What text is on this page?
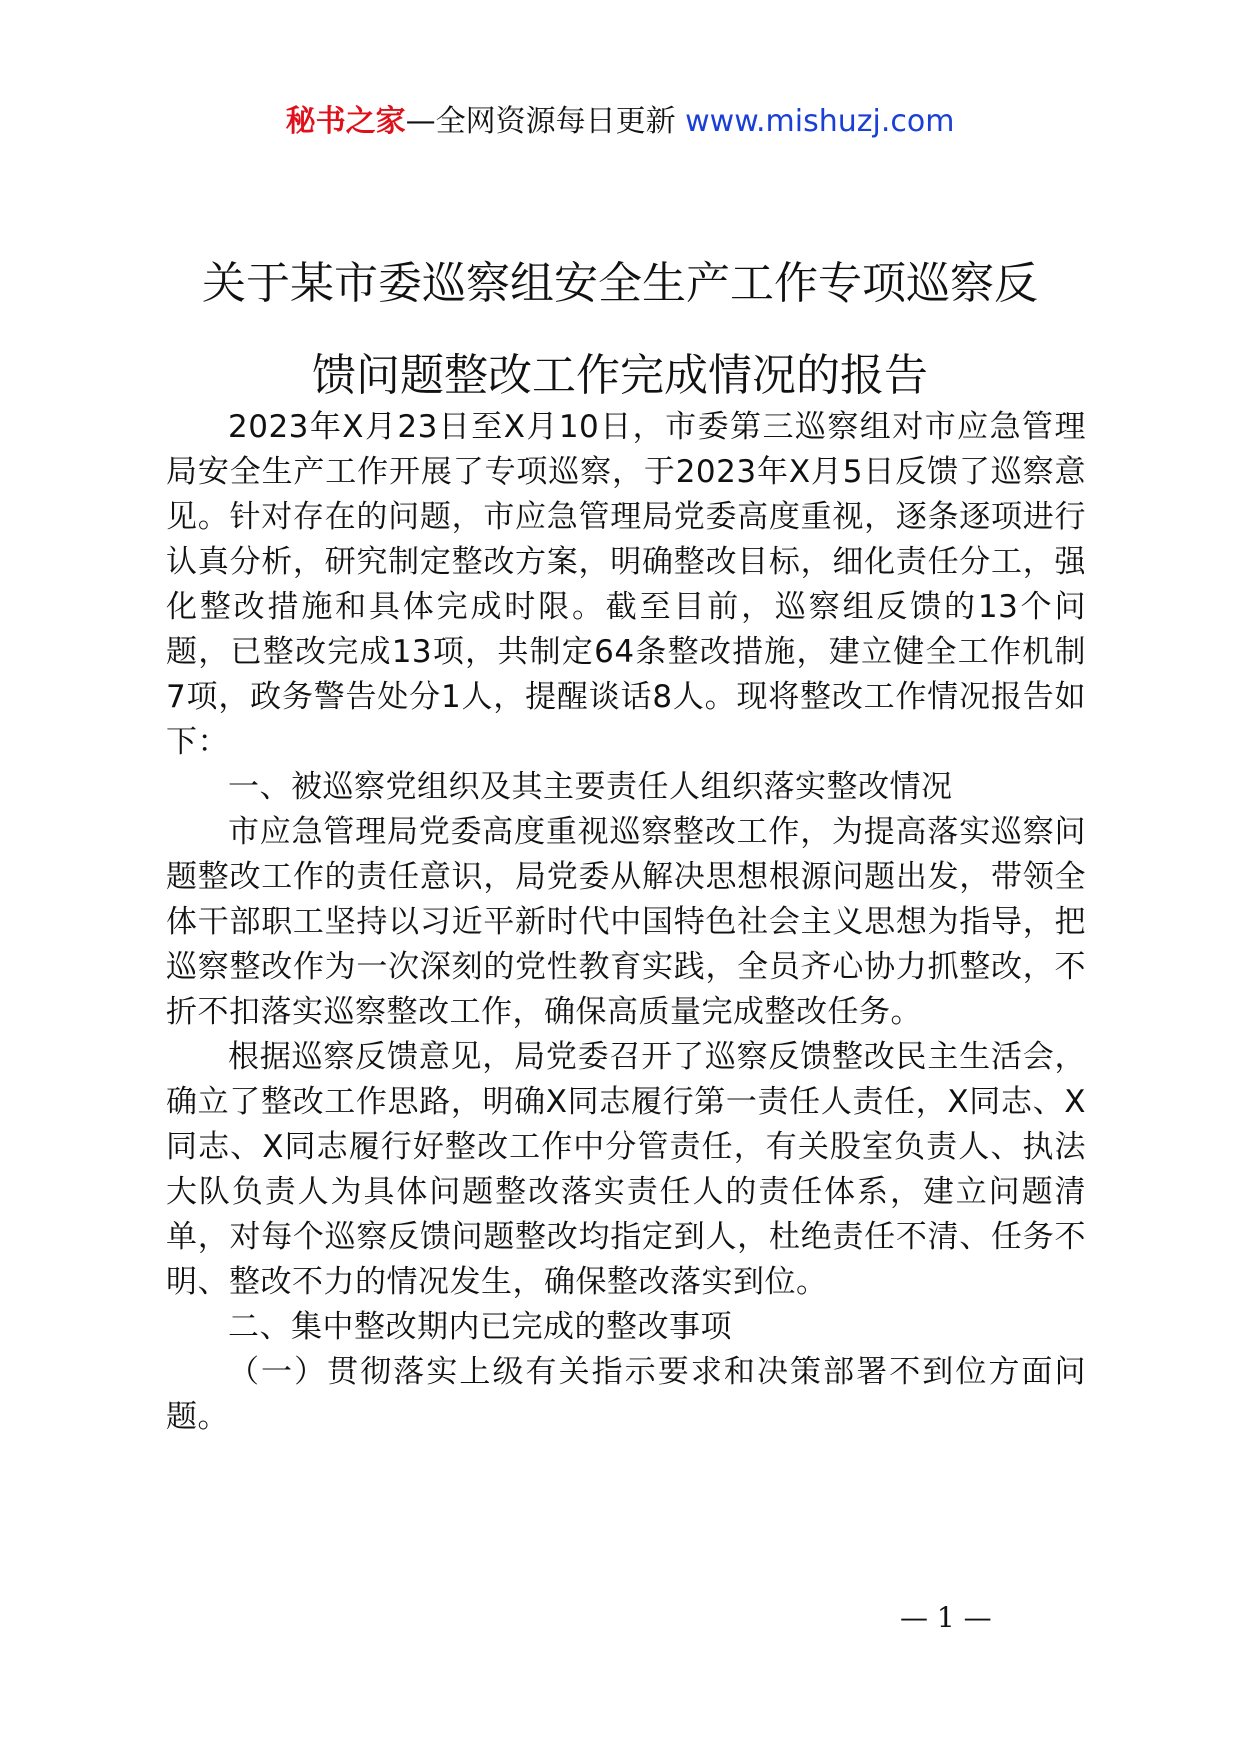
秘书之家—全网资源每日更新 www.mishuzj.com
关于某市委巡察组安全生产工作专项巡察反
馈问题整改工作完成情况的报告

2023年X月23日至X月10日，市委第三巡察组对市应急管理局安全生产工作开展了专项巡察，于2023年X月5日反馈了巡察意见。针对存在的问题，市应急管理局党委高度重视，逐条逐项进行认真分析，研究制定整改方案，明确整改目标，细化责任分工，强化整改措施和具体完成时限。截至目前，巡察组反馈的13个问题，已整改完成13项，共制定64条整改措施，建立健全工作机制7项，政务警告处分1人，提醒谈话8人。现将整改工作情况报告如下：

一、被巡察党组织及其主要责任人组织落实整改情况

市应急管理局党委高度重视巡察整改工作，为提高落实巡察问题整改工作的责任意识，局党委从解决思想根源问题出发，带领全体干部职工坚持以习近平新时代中国特色社会主义思想为指导，把巡察整改作为一次深刻的党性教育实践，全员齐心协力抓整改，不折不扣落实巡察整改工作，确保高质量完成整改任务。

根据巡察反馈意见，局党委召开了巡察反馈整改民主生活会，确立了整改工作思路，明确X同志履行第一责任人责任，X同志、X同志、X同志履行好整改工作中分管责任，有关股室负责人、执法大队负责人为具体问题整改落实责任人的责任体系，建立问题清单，对每个巡察反馈问题整改均指定到人，杜绝责任不清、任务不明、整改不力的情况发生，确保整改落实到位。

二、集中整改期内已完成的整改事项

（一）贯彻落实上级有关指示要求和决策部署不到位方面问题。

— 1 —
